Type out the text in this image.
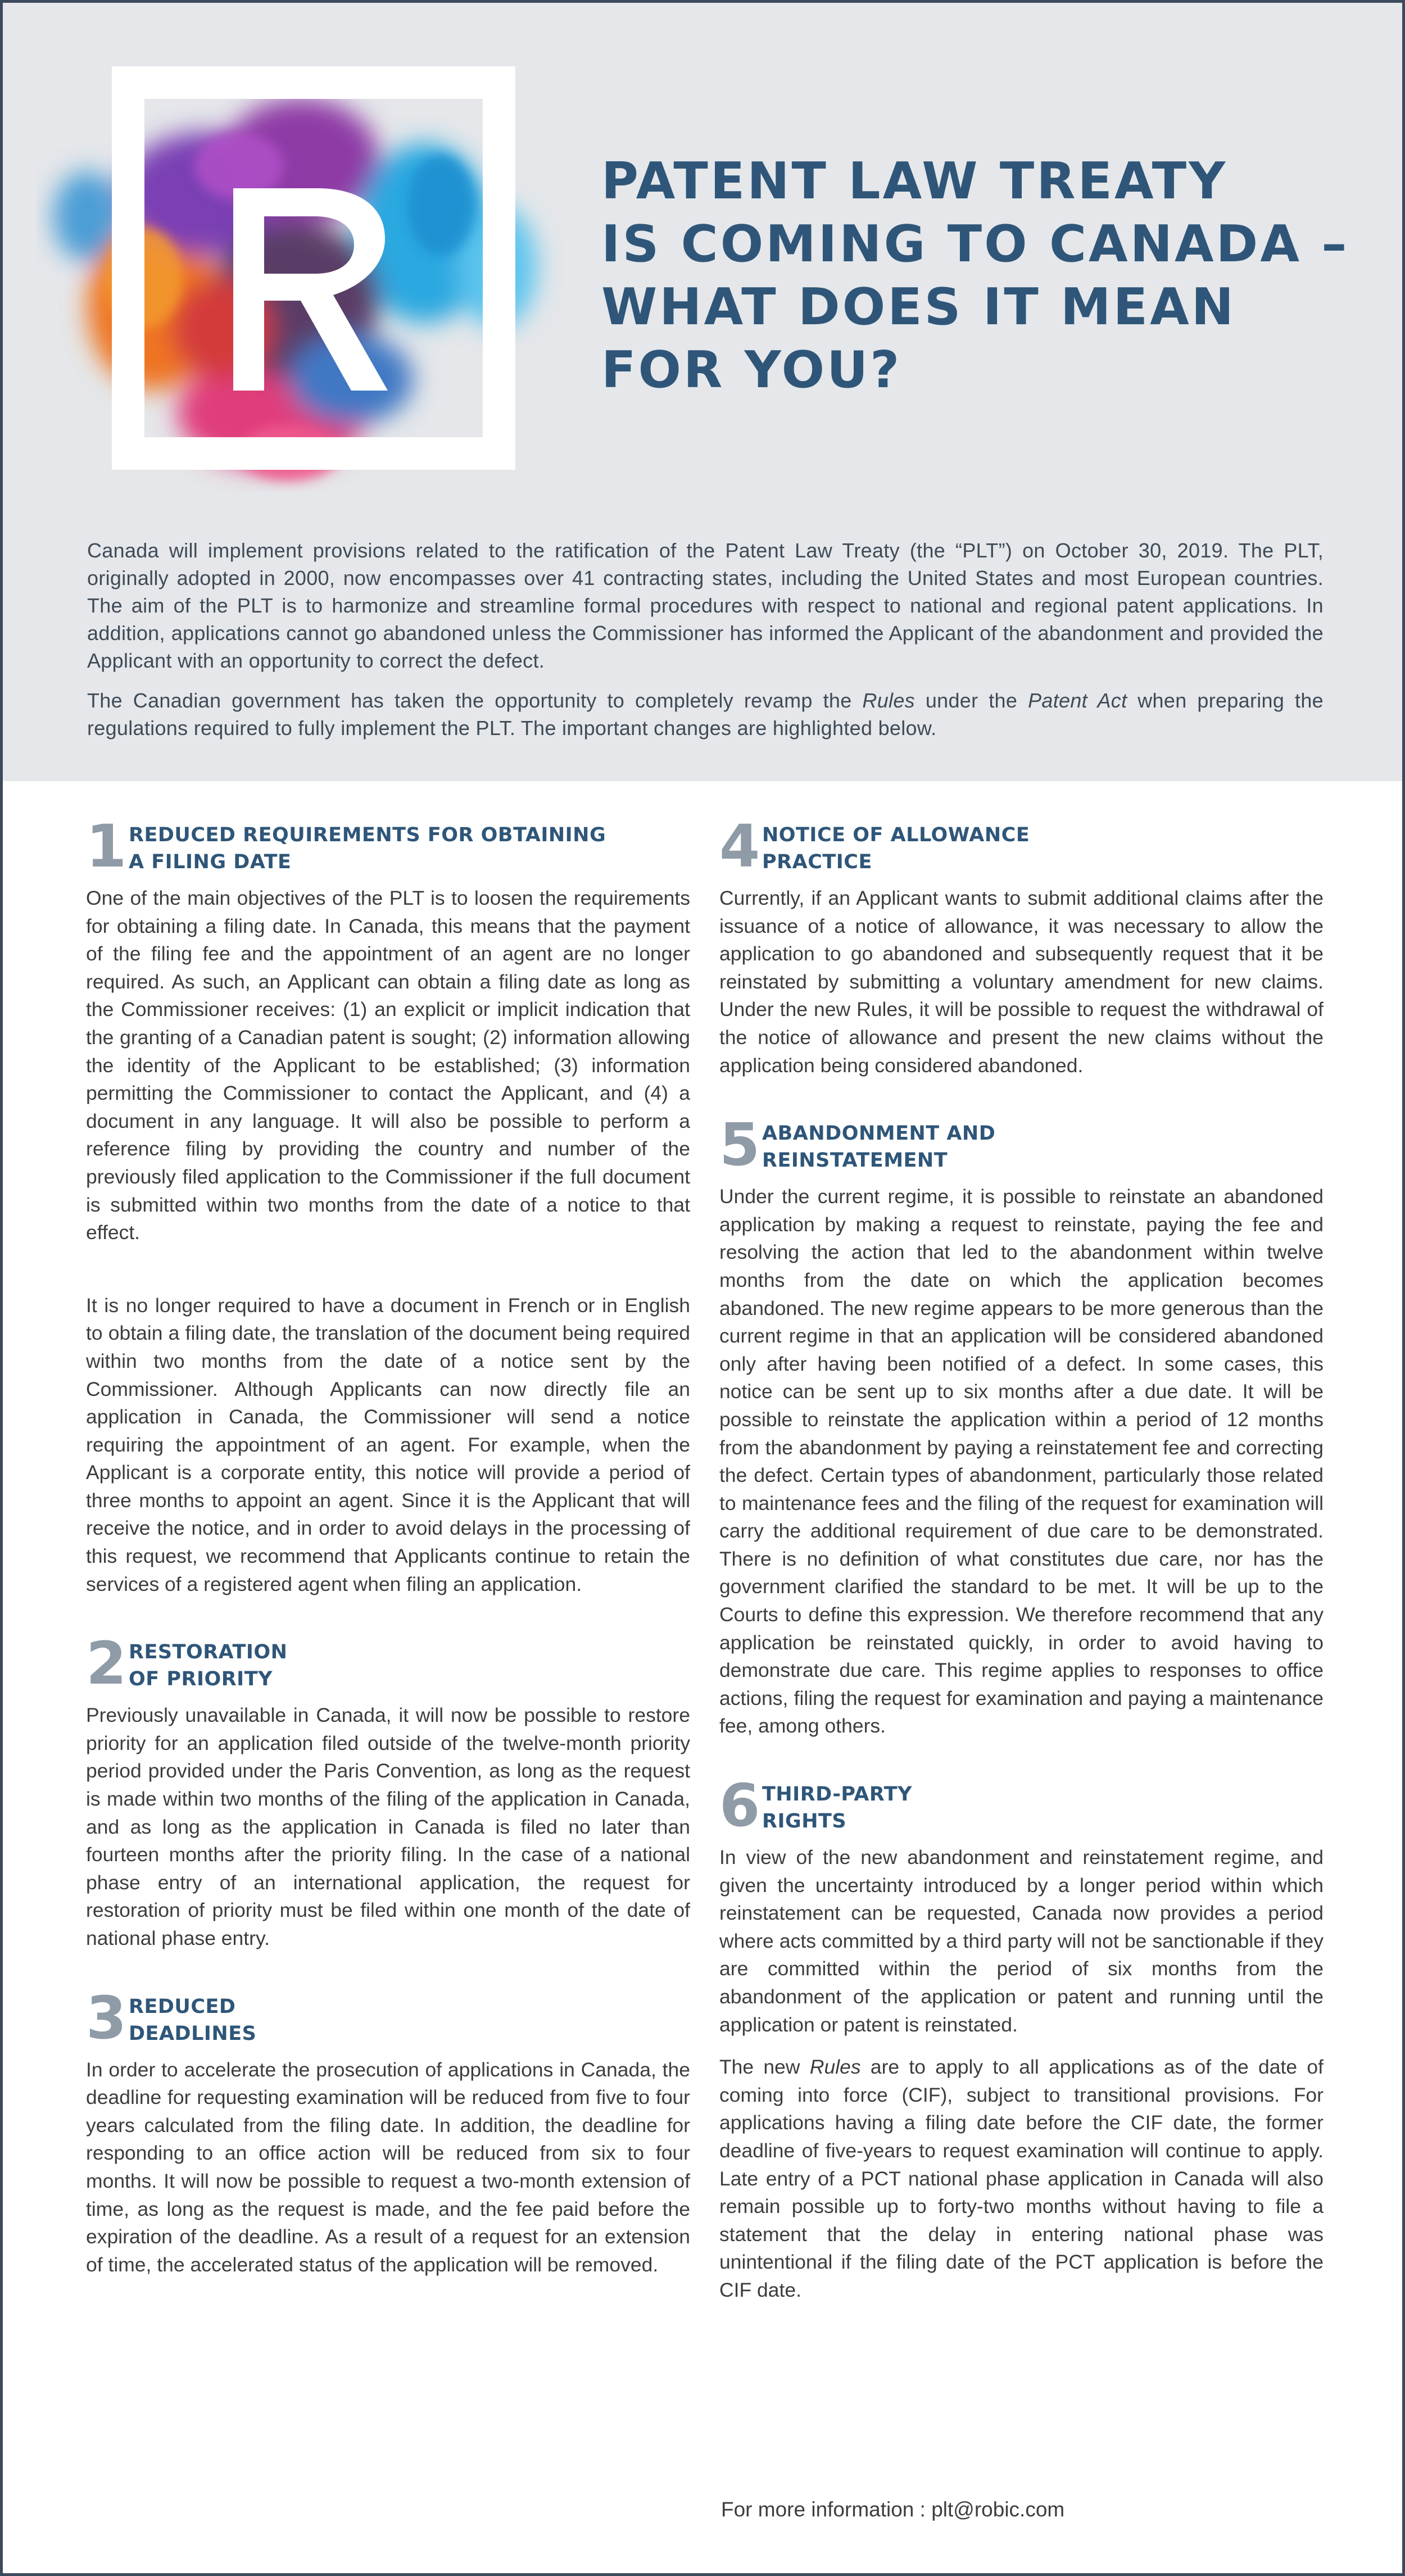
PATENT LAW TREATY
IS COMING TO CANADA –
WHAT DOES IT MEAN
FOR YOU?

Canada will implement provisions related to the ratification of the Patent Law Treaty (the “PLT”) on October 30, 2019. The PLT, originally adopted in 2000, now encompasses over 41 contracting states, including the United States and most European countries. The aim of the PLT is to harmonize and streamline formal procedures with respect to national and regional patent applications. In addition, applications cannot go abandoned unless the Commissioner has informed the Applicant of the abandonment and provided the Applicant with an opportunity to correct the defect.

The Canadian government has taken the opportunity to completely revamp the Rules under the Patent Act when preparing the regulations required to fully implement the PLT. The important changes are highlighted below.

1 REDUCED REQUIREMENTS FOR OBTAINING
A FILING DATE

One of the main objectives of the PLT is to loosen the requirements for obtaining a filing date. In Canada, this means that the payment of the filing fee and the appointment of an agent are no longer required. As such, an Applicant can obtain a filing date as long as the Commissioner receives: (1) an explicit or implicit indication that the granting of a Canadian patent is sought; (2) information allowing the identity of the Applicant to be established; (3) information permitting the Commissioner to contact the Applicant, and (4) a document in any language. It will also be possible to perform a reference filing by providing the country and number of the previously filed application to the Commissioner if the full document is submitted within two months from the date of a notice to that effect.

It is no longer required to have a document in French or in English to obtain a filing date, the translation of the document being required within two months from the date of a notice sent by the Commissioner. Although Applicants can now directly file an application in Canada, the Commissioner will send a notice requiring the appointment of an agent. For example, when the Applicant is a corporate entity, this notice will provide a period of three months to appoint an agent. Since it is the Applicant that will receive the notice, and in order to avoid delays in the processing of this request, we recommend that Applicants continue to retain the services of a registered agent when filing an application.

2 RESTORATION
OF PRIORITY

Previously unavailable in Canada, it will now be possible to restore priority for an application filed outside of the twelve-month priority period provided under the Paris Convention, as long as the request is made within two months of the filing of the application in Canada, and as long as the application in Canada is filed no later than fourteen months after the priority filing. In the case of a national phase entry of an international application, the request for restoration of priority must be filed within one month of the date of national phase entry.

3 REDUCED
DEADLINES

In order to accelerate the prosecution of applications in Canada, the deadline for requesting examination will be reduced from five to four years calculated from the filing date. In addition, the deadline for responding to an office action will be reduced from six to four months. It will now be possible to request a two-month extension of time, as long as the request is made, and the fee paid before the expiration of the deadline. As a result of a request for an extension of time, the accelerated status of the application will be removed.

4 NOTICE OF ALLOWANCE
PRACTICE

Currently, if an Applicant wants to submit additional claims after the issuance of a notice of allowance, it was necessary to allow the application to go abandoned and subsequently request that it be reinstated by submitting a voluntary amendment for new claims. Under the new Rules, it will be possible to request the withdrawal of the notice of allowance and present the new claims without the application being considered abandoned.

5 ABANDONMENT AND
REINSTATEMENT

Under the current regime, it is possible to reinstate an abandoned application by making a request to reinstate, paying the fee and resolving the action that led to the abandonment within twelve months from the date on which the application becomes abandoned. The new regime appears to be more generous than the current regime in that an application will be considered abandoned only after having been notified of a defect. In some cases, this notice can be sent up to six months after a due date. It will be possible to reinstate the application within a period of 12 months from the abandonment by paying a reinstatement fee and correcting the defect. Certain types of abandonment, particularly those related to maintenance fees and the filing of the request for examination will carry the additional requirement of due care to be demonstrated. There is no definition of what constitutes due care, nor has the government clarified the standard to be met. It will be up to the Courts to define this expression. We therefore recommend that any application be reinstated quickly, in order to avoid having to demonstrate due care. This regime applies to responses to office actions, filing the request for examination and paying a maintenance fee, among others.

6 THIRD-PARTY
RIGHTS

In view of the new abandonment and reinstatement regime, and given the uncertainty introduced by a longer period within which reinstatement can be requested, Canada now provides a period where acts committed by a third party will not be sanctionable if they are committed within the period of six months from the abandonment of the application or patent and running until the application or patent is reinstated.

The new Rules are to apply to all applications as of the date of coming into force (CIF), subject to transitional provisions. For applications having a filing date before the CIF date, the former deadline of five-years to request examination will continue to apply. Late entry of a PCT national phase application in Canada will also remain possible up to forty-two months without having to file a statement that the delay in entering national phase was unintentional if the filing date of the PCT application is before the CIF date.

For more information : plt@robic.com
